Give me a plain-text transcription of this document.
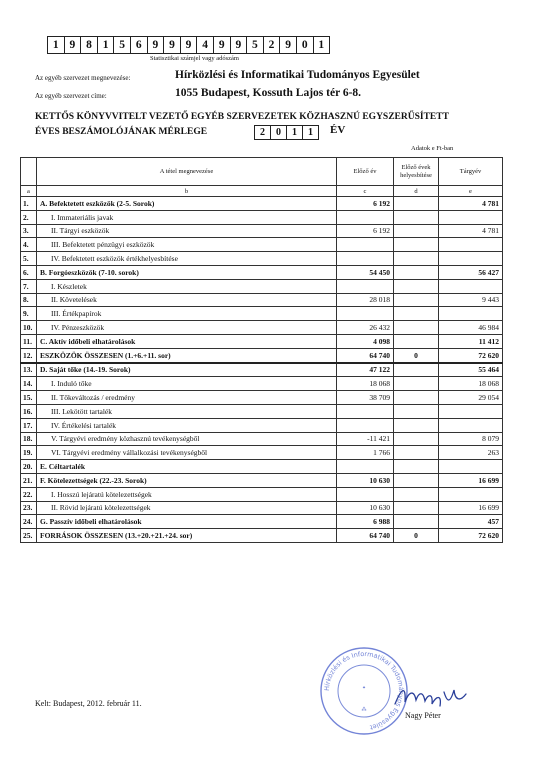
1 9 8 1 5 6 9 9 9 4 9 9 5 2 9 0 1
Statisztikai számjel vagy adószám
Az egyéb szervezet megnevezése:	Hírközlési és Informatikai Tudományos Egyesület
Az egyéb szervezet címe:	1055 Budapest, Kossuth Lajos tér 6-8.
KETTŐS KÖNYVVITELT VEZETŐ EGYÉB SZERVEZETEK KÖZHASZNÚ EGYSZERŰSÍTETT
ÉVES BESZÁMOLÓJÁNAK MÉRLEGE	2	0	1	1	ÉV
Adatok e Ft-ban
	A tétel megnevezése	Előző év	Előző évek helyesbítése	Tárgyév
a	b	c	d	e
1.	A. Befektetett eszközök (2-5. Sorok)	6 192		4 781
2.	I. Immateriális javak			
3.	II. Tárgyi eszközök	6 192		4 781
4.	III. Befektetett pénzügyi eszközök			
5.	IV. Befektetett eszközök értékhelyesbítése			
6.	B. Forgóeszközök (7-10. sorok)	54 450		56 427
7.	I. Készletek			
8.	II. Követelések	28 018		9 443
9.	III. Értékpapírok			
10.	IV. Pénzeszközök	26 432		46 984
11.	C. Aktív időbeli elhatárolások	4 098		11 412
12.	ESZKÖZÖK ÖSSZESEN (1.+6.+11. sor)	64 740	0	72 620
13.	D. Saját tőke (14.-19. Sorok)	47 122		55 464
14.	I. Induló tőke	18 068		18 068
15.	II. Tőkeváltozás / eredmény	38 709		29 054
16.	III. Lekötött tartalék			
17.	IV. Értékelési tartalék			
18.	V. Tárgyévi eredmény közhasznú tevékenységből	-11 421		8 079
19.	VI. Tárgyévi eredmény vállalkozási tevékenységből	1 766		263
20.	E. Céltartalék			
21.	F. Kötelezettségek (22.-23. Sorok)	10 630		16 699
22.	I. Hosszú lejáratú kötelezettségek			
23.	II. Rövid lejáratú kötelezettségek	10 630		16 699
24.	G. Passzív időbeli elhatárolások	6 988		457
25.	FORRÁSOK ÖSSZESEN (13.+20.+21.+24. sor)	64 740	0	72 620
Kelt: Budapest, 2012. február 11.
Hírközlési és Informatikai Tudományos Egyesület
✦
⁂
Nagy Péter
